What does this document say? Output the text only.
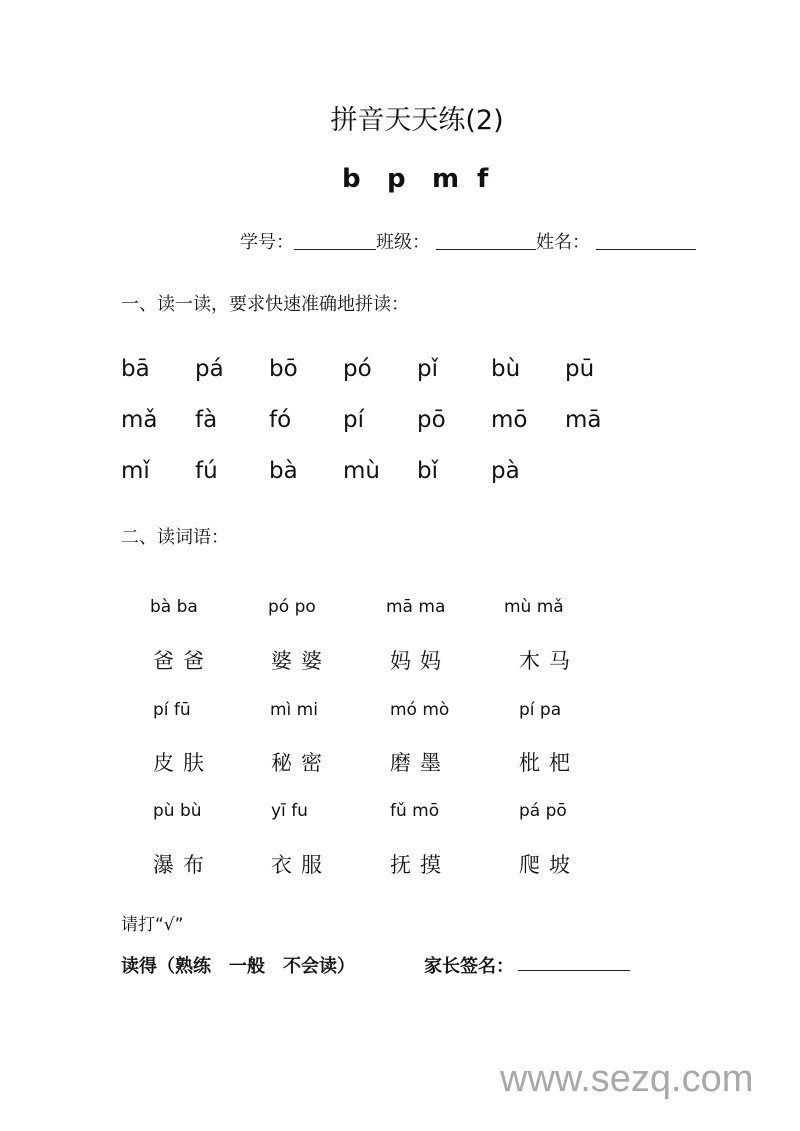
拼音天天练(2)
b p m f
学号：	班级：	姓名：
一、读一读，要求快速准确地拼读：
bā pá bō pó pǐ bù pū
mǎ fà fó pí pō mō mā
mǐ fú bà mù bǐ pà
二、读词语：
bà ba	pó po	mā ma	mù mǎ
爸爸	婆婆	妈妈	木马
pí fū	mì mi	mó mò	pí pa
皮肤	秘密	磨墨	枇杷
pù bù	yī fu	fǔ mō	pá pō
瀑布	衣服	抚摸	爬坡
请打“√”
读得（熟练　一般　不会读）	家长签名：
www.sezq.com
